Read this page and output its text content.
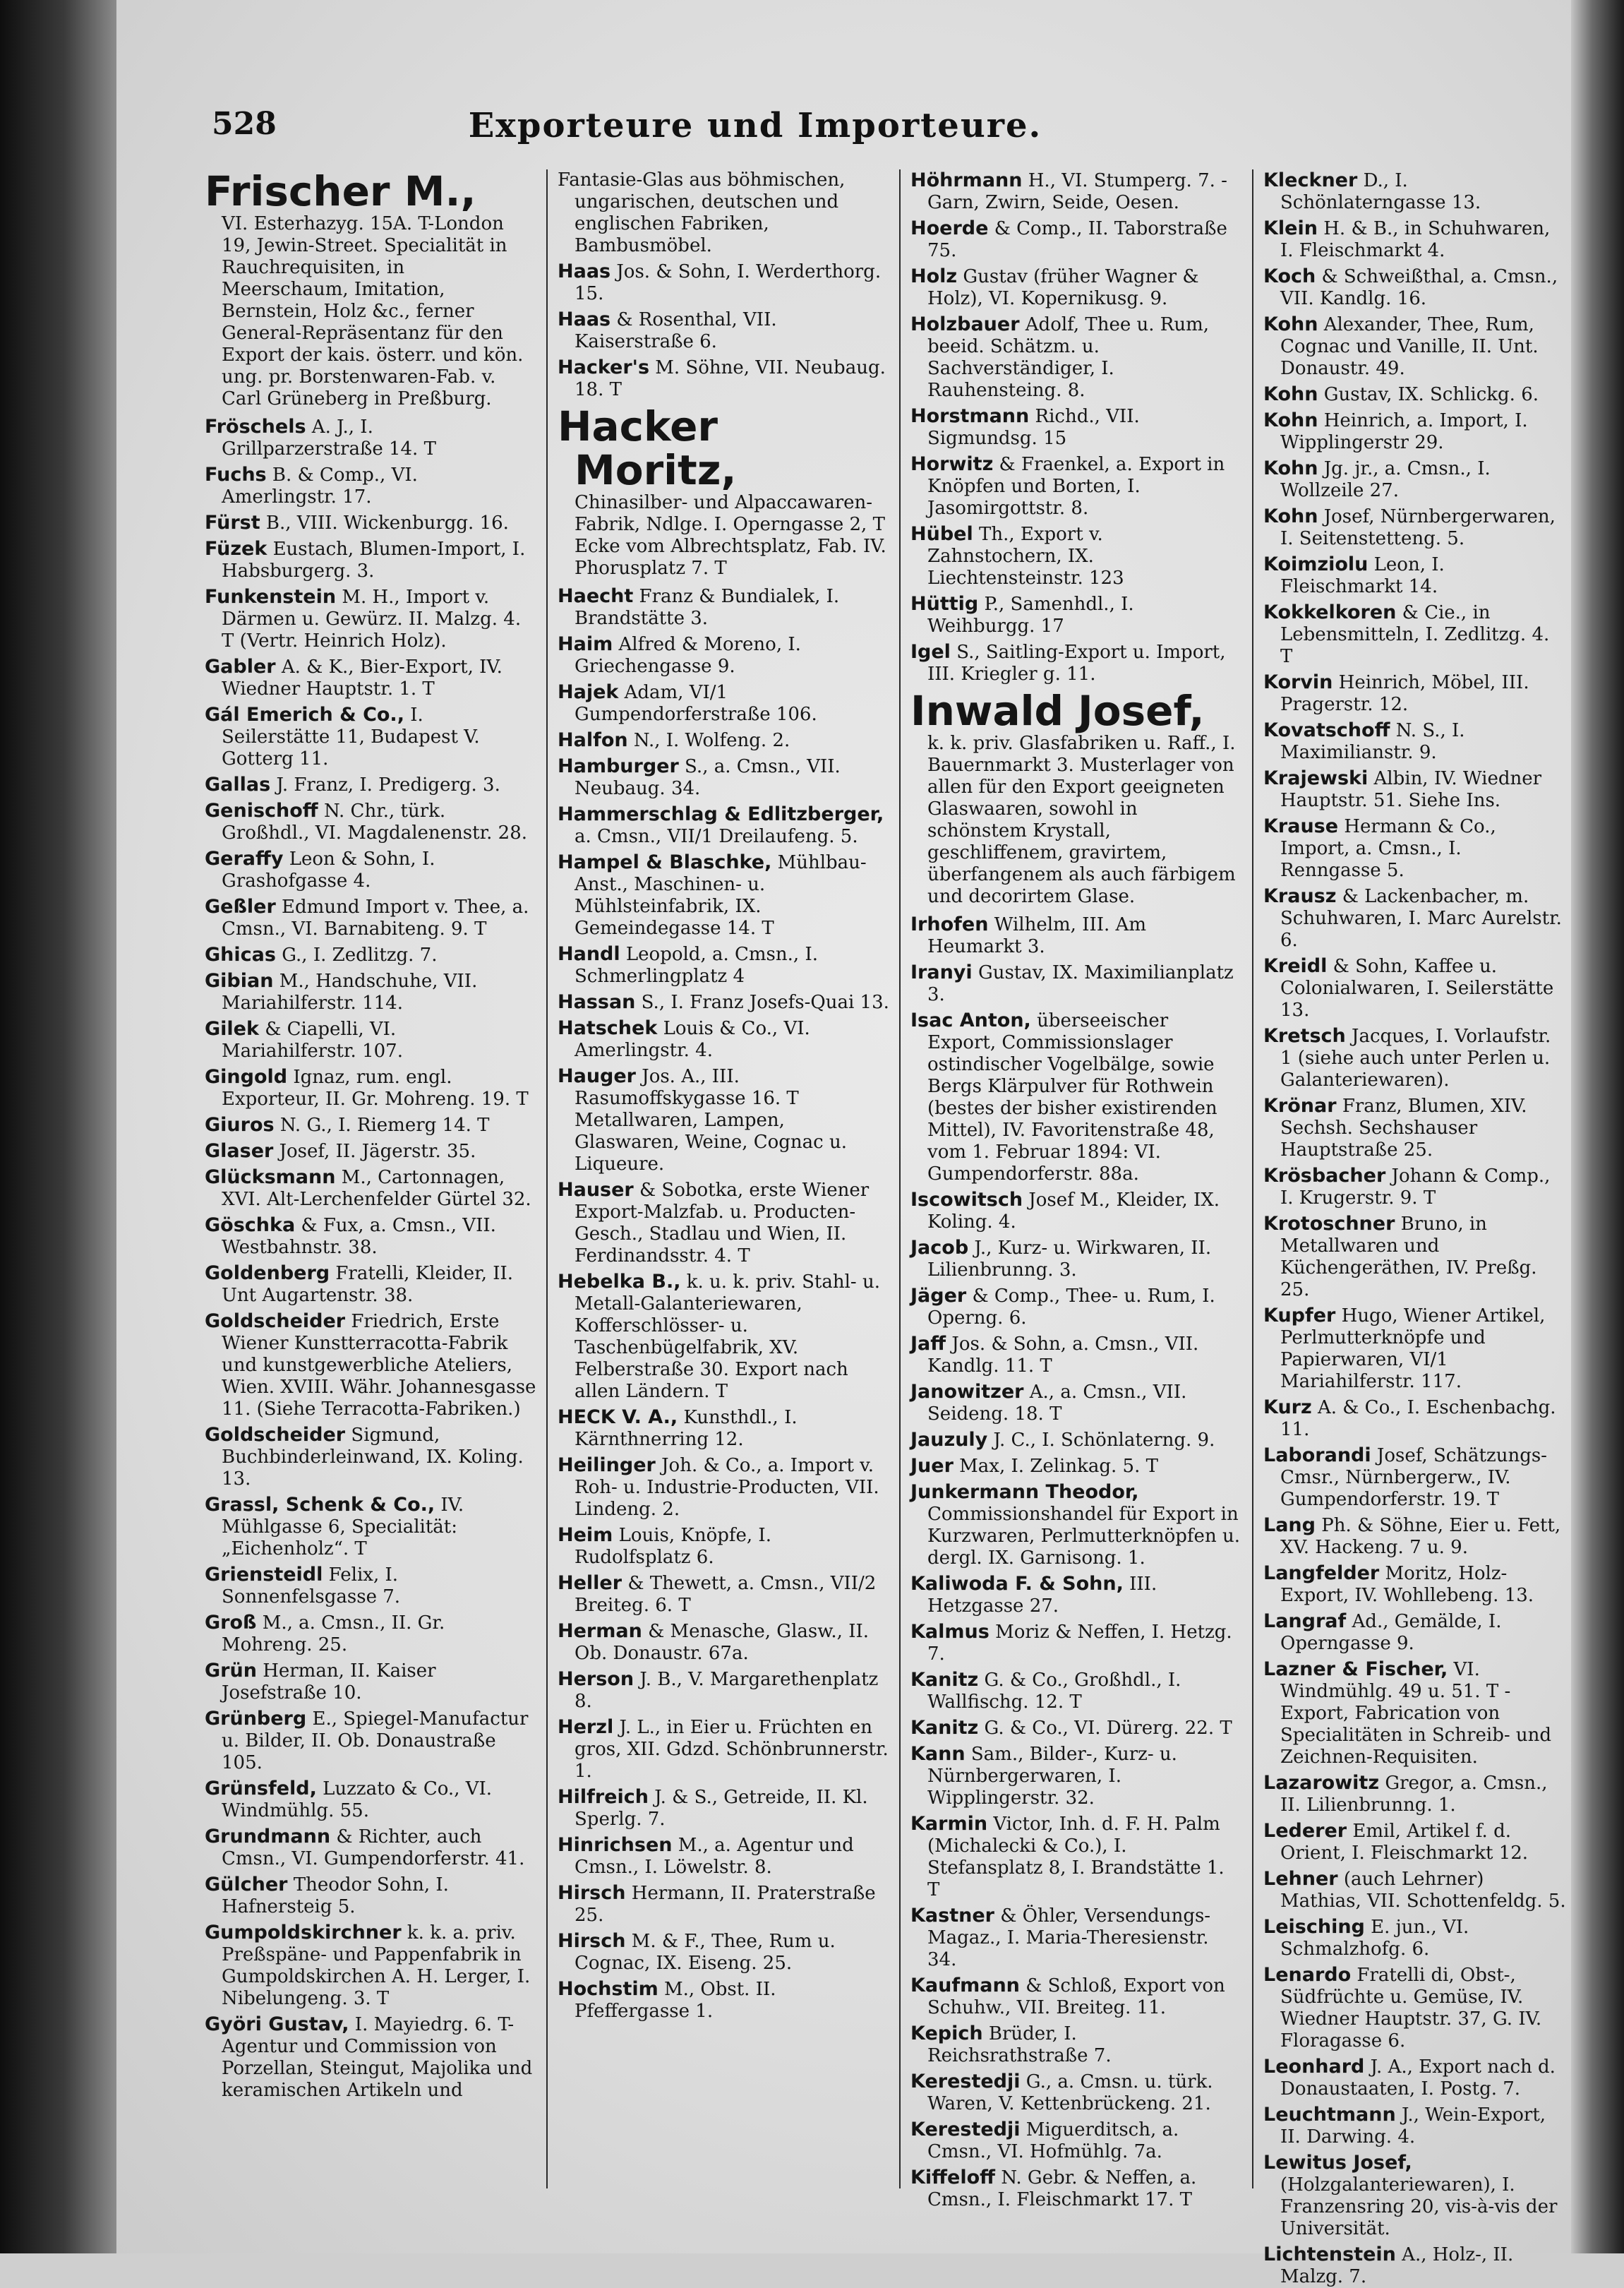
528	Exporteure und Importeure.
Frischer M.,
VI. Esterhazyg. 15A. T-London 19, Jewin-Street. Specialität in Rauchrequisiten, in Meerschaum, Imitation, Bernstein, Holz &c., ferner General-Repräsentanz für den Export der kais. österr. und kön. ung. pr. Borstenwaren-Fab. v. Carl Grüneberg in Preßburg.
Fröschels A. J., I. Grillparzerstraße 14. T
Fuchs B. & Comp., VI. Amerlingstr. 17.
Fürst B., VIII. Wickenburgg. 16.
Füzek Eustach, Blumen-Import, I. Habsburgerg. 3.
Funkenstein M. H., Import v. Därmen u. Gewürz. II. Malzg. 4. T (Vertr. Heinrich Holz).
Gabler A. & K., Bier-Export, IV. Wiedner Hauptstr. 1. T
Gál Emerich & Co., I. Seilerstätte 11, Budapest V. Gotterg 11.
Gallas J. Franz, I. Predigerg. 3.
Genischoff N. Chr., türk. Großhdl., VI. Magdalenenstr. 28.
Geraffy Leon & Sohn, I. Grashofgasse 4.
Geßler Edmund Import v. Thee, a. Cmsn., VI. Barnabiteng. 9. T
Ghicas G., I. Zedlitzg. 7.
Gibian M., Handschuhe, VII. Mariahilferstr. 114.
Gilek & Ciapelli, VI. Mariahilferstr. 107.
Gingold Ignaz, rum. engl. Exporteur, II. Gr. Mohreng. 19. T
Giuros N. G., I. Riemerg 14. T
Glaser Josef, II. Jägerstr. 35.
Glücksmann M., Cartonnagen, XVI. Alt-Lerchenfelder Gürtel 32.
Göschka & Fux, a. Cmsn., VII. Westbahnstr. 38.
Goldenberg Fratelli, Kleider, II. Unt Augartenstr. 38.
Goldscheider Friedrich, Erste Wiener Kunstterracotta-Fabrik und kunstgewerbliche Ateliers, Wien. XVIII. Währ. Johannesgasse 11. (Siehe Terracotta-Fabriken.)
Goldscheider Sigmund, Buchbinderleinwand, IX. Koling. 13.
Grassl, Schenk & Co., IV. Mühlgasse 6, Specialität: „Eichenholz“. T
Griensteidl Felix, I. Sonnenfelsgasse 7.
Groß M., a. Cmsn., II. Gr. Mohreng. 25.
Grün Herman, II. Kaiser Josefstraße 10.
Grünberg E., Spiegel-Manufactur u. Bilder, II. Ob. Donaustraße 105.
Grünsfeld, Luzzato & Co., VI. Windmühlg. 55.
Grundmann & Richter, auch Cmsn., VI. Gumpendorferstr. 41.
Gülcher Theodor Sohn, I. Hafnersteig 5.
Gumpoldskirchner k. k. a. priv. Preßspäne- und Pappenfabrik in Gumpoldskirchen A. H. Lerger, I. Nibelungeng. 3. T
Györi Gustav, I. Mayiedrg. 6. T-Agentur und Commission von Porzellan, Steingut, Majolika und keramischen Artikeln und
Fantasie-Glas aus böhmischen, ungarischen, deutschen und englischen Fabriken, Bambusmöbel.
Haas Jos. & Sohn, I. Werderthorg. 15.
Haas & Rosenthal, VII. Kaiserstraße 6.
Hacker's M. Söhne, VII. Neubaug. 18. T
Hacker Moritz,
Chinasilber- und Alpaccawaren-Fabrik, Ndlge. I. Operngasse 2, T Ecke vom Albrechtsplatz, Fab. IV. Phorusplatz 7. T
Haecht Franz & Bundialek, I. Brandstätte 3.
Haim Alfred & Moreno, I. Griechengasse 9.
Hajek Adam, VI/1 Gumpendorferstraße 106.
Halfon N., I. Wolfeng. 2.
Hamburger S., a. Cmsn., VII. Neubaug. 34.
Hammerschlag & Edlitzberger, a. Cmsn., VII/1 Dreilaufeng. 5.
Hampel & Blaschke, Mühlbau-Anst., Maschinen- u. Mühlsteinfabrik, IX. Gemeindegasse 14. T
Handl Leopold, a. Cmsn., I. Schmerlingplatz 4
Hassan S., I. Franz Josefs-Quai 13.
Hatschek Louis & Co., VI. Amerlingstr. 4.
Hauger Jos. A., III. Rasumoffskygasse 16. T Metallwaren, Lampen, Glaswaren, Weine, Cognac u. Liqueure.
Hauser & Sobotka, erste Wiener Export-Malzfab. u. Producten-Gesch., Stadlau und Wien, II. Ferdinandsstr. 4. T
Hebelka B., k. u. k. priv. Stahl- u. Metall-Galanteriewaren, Kofferschlösser- u. Taschenbügelfabrik, XV. Felberstraße 30. Export nach allen Ländern. T
HECK V. A., Kunsthdl., I. Kärnthnerring 12.
Heilinger Joh. & Co., a. Import v. Roh- u. Industrie-Producten, VII. Lindeng. 2.
Heim Louis, Knöpfe, I. Rudolfsplatz 6.
Heller & Thewett, a. Cmsn., VII/2 Breiteg. 6. T
Herman & Menasche, Glasw., II. Ob. Donaustr. 67a.
Herson J. B., V. Margarethenplatz 8.
Herzl J. L., in Eier u. Früchten en gros, XII. Gdzd. Schönbrunnerstr. 1.
Hilfreich J. & S., Getreide, II. Kl. Sperlg. 7.
Hinrichsen M., a. Agentur und Cmsn., I. Löwelstr. 8.
Hirsch Hermann, II. Praterstraße 25.
Hirsch M. & F., Thee, Rum u. Cognac, IX. Eiseng. 25.
Hochstim M., Obst. II. Pfeffergasse 1.
Höhrmann H., VI. Stumperg. 7. -Garn, Zwirn, Seide, Oesen.
Hoerde & Comp., II. Taborstraße 75.
Holz Gustav (früher Wagner & Holz), VI. Kopernikusg. 9.
Holzbauer Adolf, Thee u. Rum, beeid. Schätzm. u. Sachverständiger, I. Rauhensteing. 8.
Horstmann Richd., VII. Sigmundsg. 15
Horwitz & Fraenkel, a. Export in Knöpfen und Borten, I. Jasomirgottstr. 8.
Hübel Th., Export v. Zahnstochern, IX. Liechtensteinstr. 123
Hüttig P., Samenhdl., I. Weihburgg. 17
Igel S., Saitling-Export u. Import, III. Kriegler g. 11.
Inwald Josef,
k. k. priv. Glasfabriken u. Raff., I. Bauernmarkt 3. Musterlager von allen für den Export geeigneten Glaswaaren, sowohl in schönstem Krystall, geschliffenem, gravirtem, überfangenem als auch färbigem und decorirtem Glase.
Irhofen Wilhelm, III. Am Heumarkt 3.
Iranyi Gustav, IX. Maximilianplatz 3.
Isac Anton, überseeischer Export, Commissionslager ostindischer Vogelbälge, sowie Bergs Klärpulver für Rothwein (bestes der bisher existirenden Mittel), IV. Favoritenstraße 48, vom 1. Februar 1894: VI. Gumpendorferstr. 88a.
Iscowitsch Josef M., Kleider, IX. Koling. 4.
Jacob J., Kurz- u. Wirkwaren, II. Lilienbrunng. 3.
Jäger & Comp., Thee- u. Rum, I. Operng. 6.
Jaff Jos. & Sohn, a. Cmsn., VII. Kandlg. 11. T
Janowitzer A., a. Cmsn., VII. Seideng. 18. T
Jauzuly J. C., I. Schönlaterng. 9.
Juer Max, I. Zelinkag. 5. T
Junkermann Theodor, Commissionshandel für Export in Kurzwaren, Perlmutterknöpfen u. dergl. IX. Garnisong. 1.
Kaliwoda F. & Sohn, III. Hetzgasse 27.
Kalmus Moriz & Neffen, I. Hetzg. 7.
Kanitz G. & Co., Großhdl., I. Wallfischg. 12. T
Kanitz G. & Co., VI. Dürerg. 22. T
Kann Sam., Bilder-, Kurz- u. Nürnbergerwaren, I. Wipplingerstr. 32.
Karmin Victor, Inh. d. F. H. Palm (Michalecki & Co.), I. Stefansplatz 8, I. Brandstätte 1. T
Kastner & Öhler, Versendungs-Magaz., I. Maria-Theresienstr. 34.
Kaufmann & Schloß, Export von Schuhw., VII. Breiteg. 11.
Kepich Brüder, I. Reichsrathstraße 7.
Kerestedji G., a. Cmsn. u. türk. Waren, V. Kettenbrückeng. 21.
Kerestedji Miguerditsch, a. Cmsn., VI. Hofmühlg. 7a.
Kiffeloff N. Gebr. & Neffen, a. Cmsn., I. Fleischmarkt 17. T
Kleckner D., I. Schönlaterngasse 13.
Klein H. & B., in Schuhwaren, I. Fleischmarkt 4.
Koch & Schweißthal, a. Cmsn., VII. Kandlg. 16.
Kohn Alexander, Thee, Rum, Cognac und Vanille, II. Unt. Donaustr. 49.
Kohn Gustav, IX. Schlickg. 6.
Kohn Heinrich, a. Import, I. Wipplingerstr 29.
Kohn Jg. jr., a. Cmsn., I. Wollzeile 27.
Kohn Josef, Nürnbergerwaren, I. Seitenstetteng. 5.
Koimziolu Leon, I. Fleischmarkt 14.
Kokkelkoren & Cie., in Lebensmitteln, I. Zedlitzg. 4. T
Korvin Heinrich, Möbel, III. Pragerstr. 12.
Kovatschoff N. S., I. Maximilianstr. 9.
Krajewski Albin, IV. Wiedner Hauptstr. 51. Siehe Ins.
Krause Hermann & Co., Import, a. Cmsn., I. Renngasse 5.
Krausz & Lackenbacher, m. Schuhwaren, I. Marc Aurelstr. 6.
Kreidl & Sohn, Kaffee u. Colonialwaren, I. Seilerstätte 13.
Kretsch Jacques, I. Vorlaufstr. 1 (siehe auch unter Perlen u. Galanteriewaren).
Krönar Franz, Blumen, XIV. Sechsh. Sechshauser Hauptstraße 25.
Krösbacher Johann & Comp., I. Krugerstr. 9. T
Krotoschner Bruno, in Metallwaren und Küchengeräthen, IV. Preßg. 25.
Kupfer Hugo, Wiener Artikel, Perlmutterknöpfe und Papierwaren, VI/1 Mariahilferstr. 117.
Kurz A. & Co., I. Eschenbachg. 11.
Laborandi Josef, Schätzungs-Cmsr., Nürnbergerw., IV. Gumpendorferstr. 19. T
Lang Ph. & Söhne, Eier u. Fett, XV. Hackeng. 7 u. 9.
Langfelder Moritz, Holz-Export, IV. Wohllebeng. 13.
Langraf Ad., Gemälde, I. Operngasse 9.
Lazner & Fischer, VI. Windmühlg. 49 u. 51. T -Export, Fabrication von Specialitäten in Schreib- und Zeichnen-Requisiten.
Lazarowitz Gregor, a. Cmsn., II. Lilienbrunng. 1.
Lederer Emil, Artikel f. d. Orient, I. Fleischmarkt 12.
Lehner (auch Lehrner) Mathias, VII. Schottenfeldg. 5.
Leisching E. jun., VI. Schmalzhofg. 6.
Lenardo Fratelli di, Obst-, Südfrüchte u. Gemüse, IV. Wiedner Hauptstr. 37, G. IV. Floragasse 6.
Leonhard J. A., Export nach d. Donaustaaten, I. Postg. 7.
Leuchtmann J., Wein-Export, II. Darwing. 4.
Lewitus Josef, (Holzgalanteriewaren), I. Franzensring 20, vis-à-vis der Universität.
Lichtenstein A., Holz-, II. Malzg. 7.
